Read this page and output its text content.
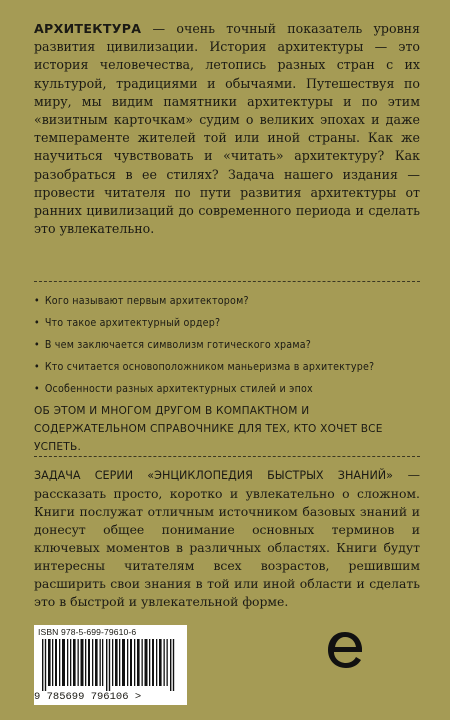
АРХИТЕКТУРА — очень точный показатель уровня развития цивилизации. История архитектуры — это история человечества, летопись разных стран с их культурой, традициями и обычаями. Путешествуя по миру, мы видим памятники архитектуры и по этим «визитным карточкам» судим о великих эпохах и даже темпераменте жителей той или иной страны. Как же научиться чувствовать и «читать» архитектуру? Как разобраться в ее стилях? Задача нашего издания — провести читателя по пути развития архитектуры от ранних цивилизаций до современного периода и сделать это увлекательно.
• Кого называют первым архитектором?
• Что такое архитектурный ордер?
• В чем заключается символизм готического храма?
• Кто считается основоположником маньеризма в архитектуре?
• Особенности разных архитектурных стилей и эпох
ОБ ЭТОМ И МНОГОМ ДРУГОМ В КОМПАКТНОМ И СОДЕРЖАТЕЛЬНОМ СПРАВОЧНИКЕ ДЛЯ ТЕХ, КТО ХОЧЕТ ВСЕ УСПЕТЬ.
ЗАДАЧА СЕРИИ «ЭНЦИКЛОПЕДИЯ БЫСТРЫХ ЗНАНИЙ» — рассказать просто, коротко и увлекательно о сложном. Книги послужат отличным источником базовых знаний и донесут общее понимание основных терминов и ключевых моментов в различных областях. Книги будут интересны читателям всех возрастов, решившим расширить свои знания в той или иной области и сделать это в быстрой и увлекательной форме.
ISBN 978-5-699-79610-6
9 785699 796106 >
